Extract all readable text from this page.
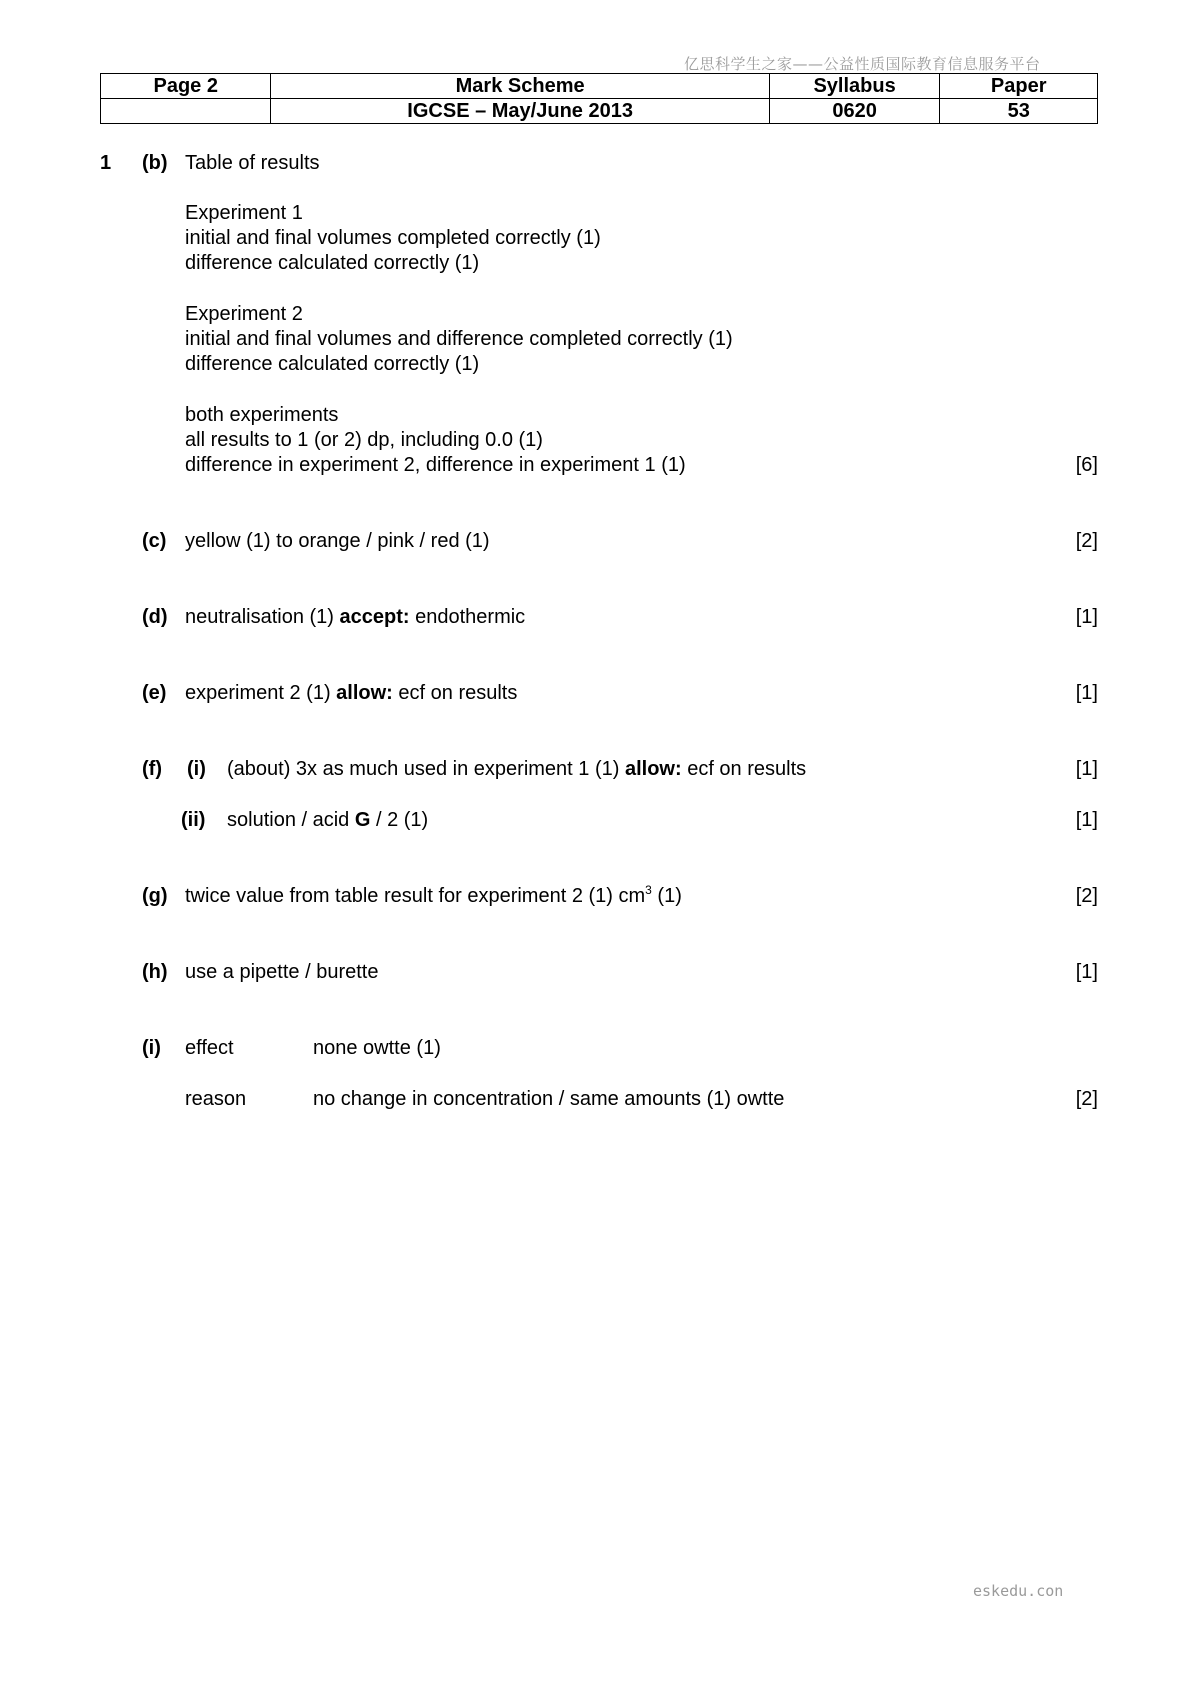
亿思科学生之家——公益性质国际教育信息服务平台
Page 2	Mark Scheme	Syllabus	Paper
	IGCSE – May/June 2013	0620	53
1 (b) Table of results
Experiment 1
initial and final volumes completed correctly (1)
difference calculated correctly (1)
Experiment 2
initial and final volumes and difference completed correctly (1)
difference calculated correctly (1)
both experiments
all results to 1 (or 2) dp, including 0.0 (1)
difference in experiment 2, difference in experiment 1 (1)	[6]
(c) yellow (1) to orange / pink / red (1)	[2]
(d) neutralisation (1) accept: endothermic	[1]
(e) experiment 2 (1) allow: ecf on results	[1]
(f) (i) (about) 3x as much used in experiment 1 (1) allow: ecf on results	[1]
(ii) solution / acid G / 2 (1)	[1]
(g) twice value from table result for experiment 2 (1) $cm^3$ (1)	[2]
(h) use a pipette / burette	[1]
(i) effect	none owtte (1)
reason	no change in concentration / same amounts (1) owtte	[2]
eskedu.con
